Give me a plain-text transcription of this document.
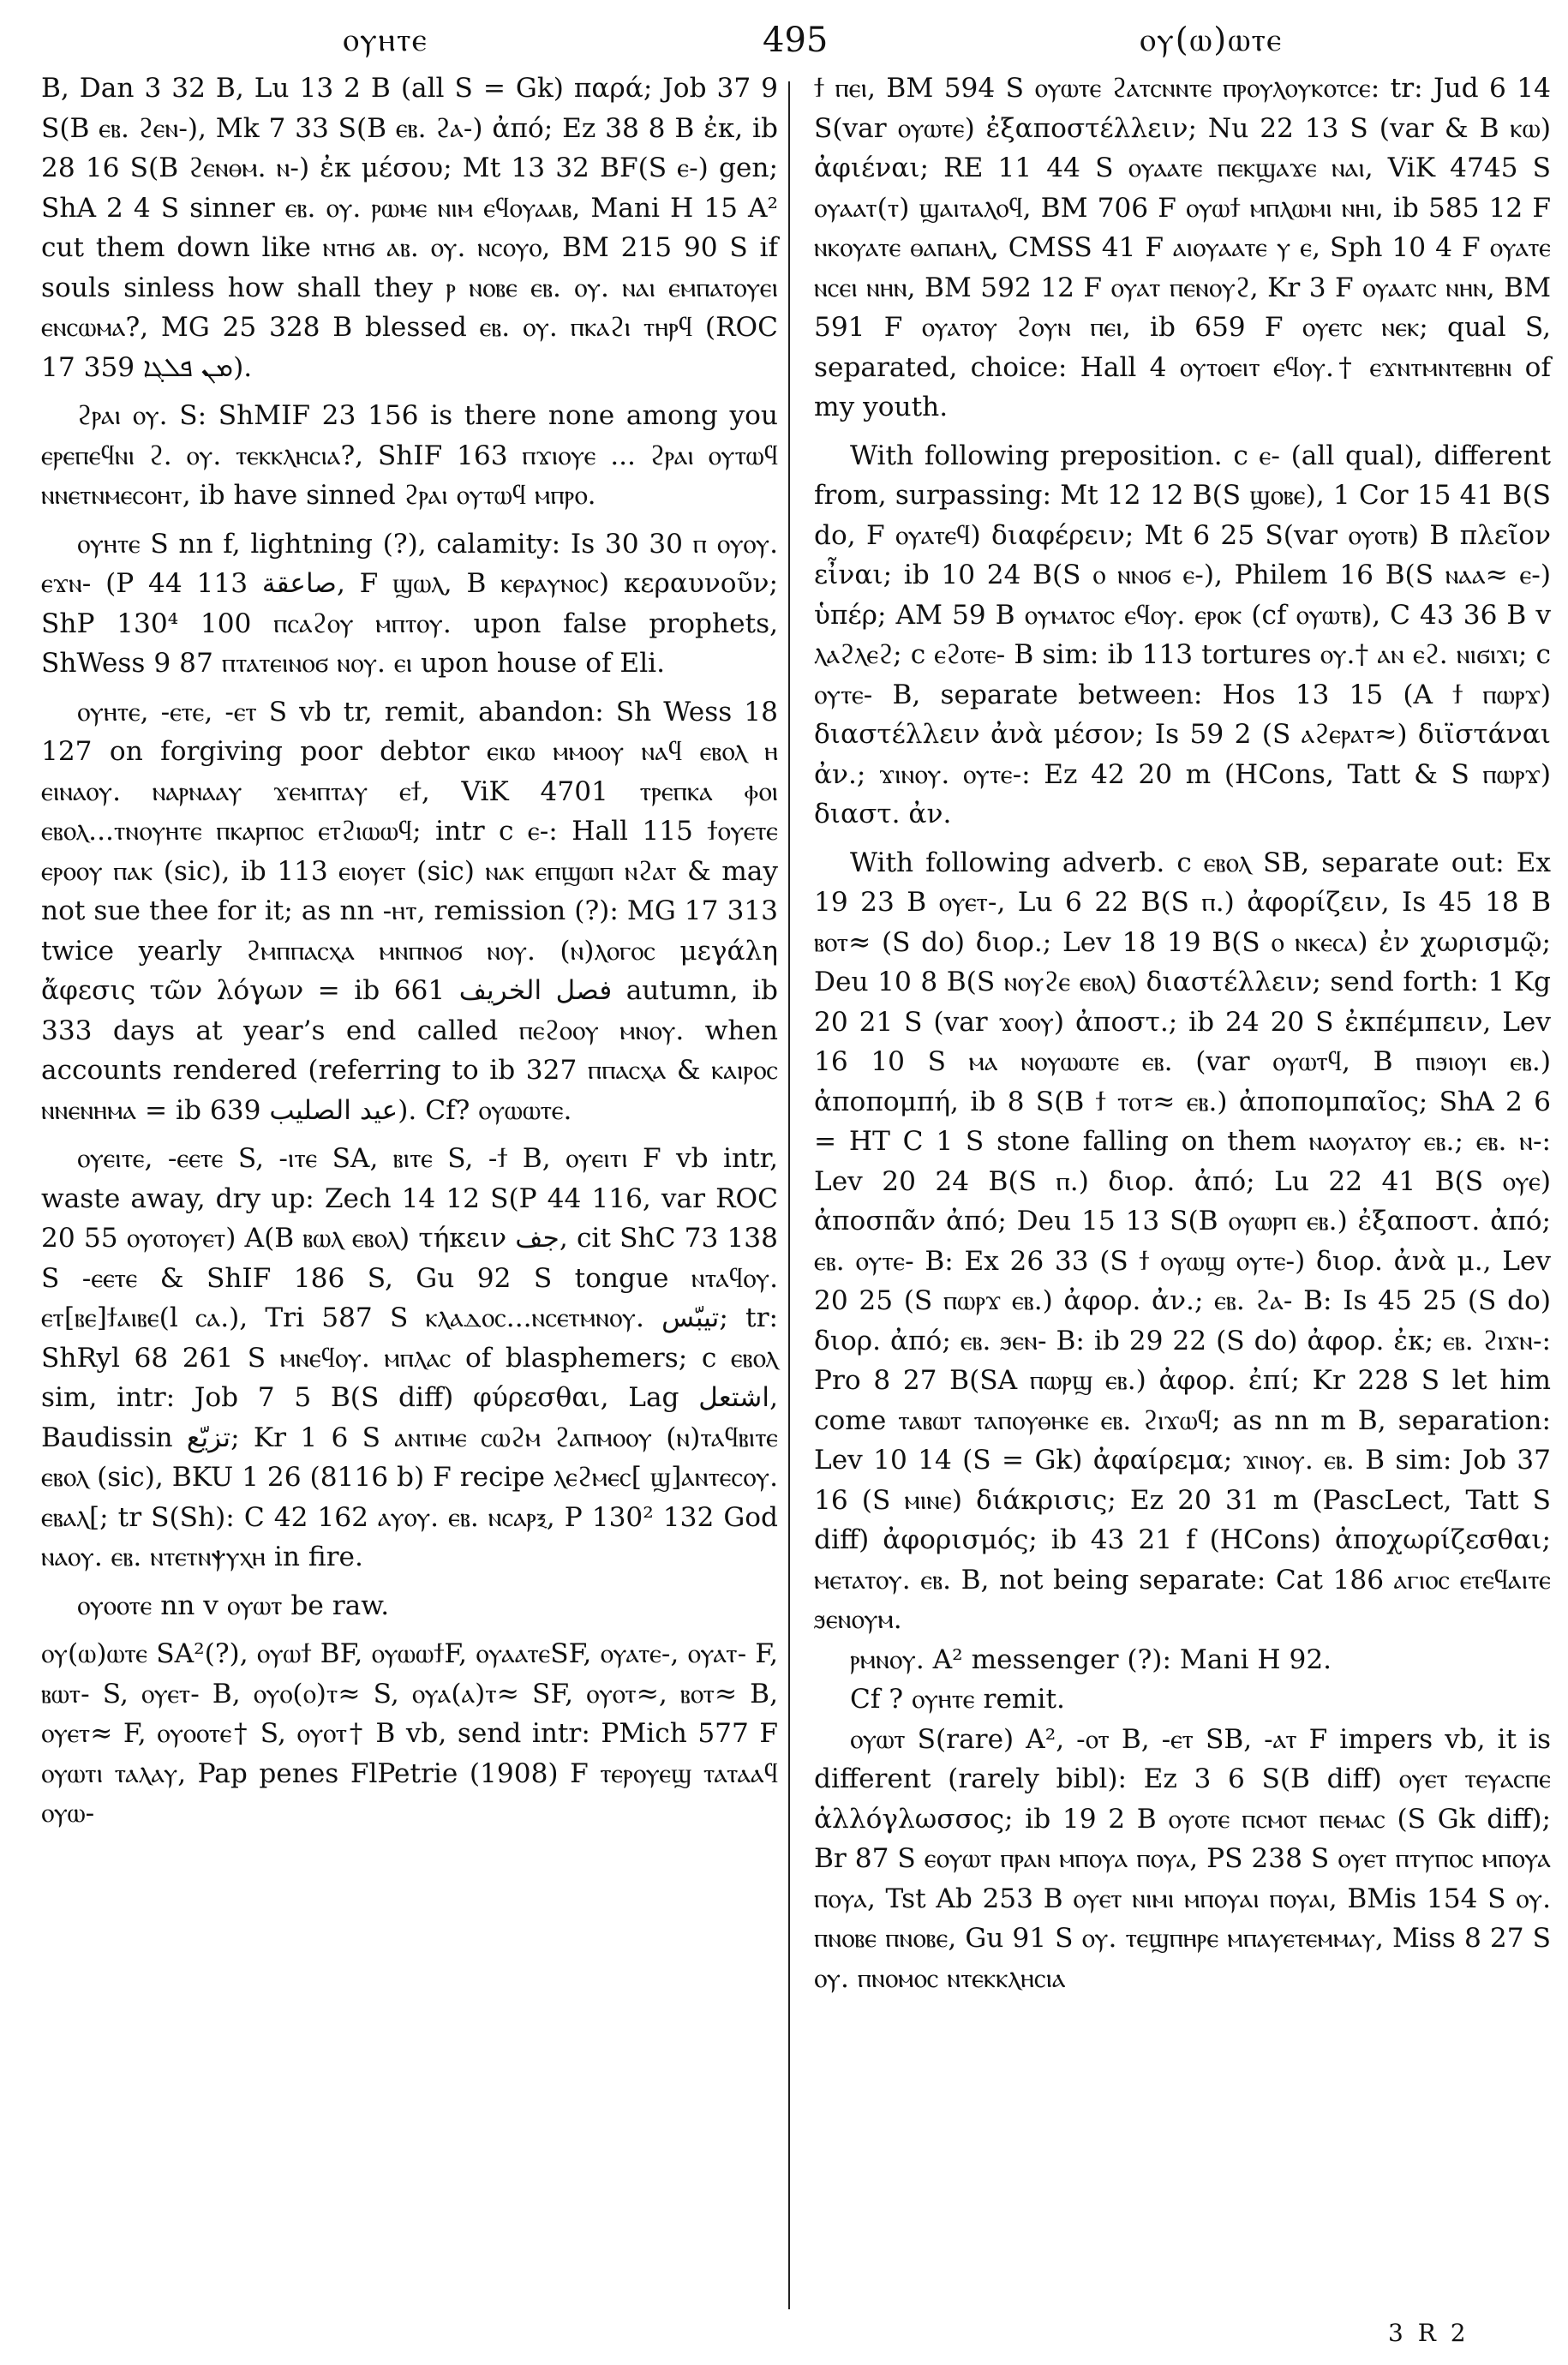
ⲟⲩⲏⲧⲉ	495	ⲟⲩ(ⲱ)ⲱⲧⲉ

B, Dan 3 32 B, Lu 13 2 B (all S = Gk) παρά; Job 37 9 S(B ⲉⲃ. ϩⲉⲛ-), Mk 7 33 S(B ⲉⲃ. ϩⲁ-) ἀπό; Ez 38 8 B ἐκ, ib 28 16 S(B ϩⲉⲛⲑⲙ. ⲛ-) ἐκ μέσου; Mt 13 32 BF(S ⲉ-) gen; ShA 2 4 S sinner ⲉⲃ. ⲟⲩ. ⲣⲱⲙⲉ ⲛⲓⲙ ⲉϥⲟⲩⲁⲁⲃ, Mani H 15 A² cut them down like ⲛⲧⲏϭ ⲁⲃ. ⲟⲩ. ⲛⲥⲟⲩⲟ, BM 215 90 S if souls sinless how shall they ⲣ ⲛⲟⲃⲉ ⲉⲃ. ⲟⲩ. ⲛⲁⲓ ⲉⲙⲡⲁⲧⲟⲩⲉⲓ ⲉⲛⲥⲱⲙⲁ?, MG 25 328 B blessed ⲉⲃ. ⲟⲩ. ⲡⲕⲁϩⲓ ⲧⲏⲣϥ (ROC 17 359 ܡܢ ܦܠܓܐ).

ϩⲣⲁⲓ ⲟⲩ. S: ShMIF 23 156 is there none among you ⲉⲣⲉⲡⲉϥⲛⲓ ϩ. ⲟⲩ. ⲧⲉⲕⲕⲗⲏⲥⲓⲁ?, ShIF 163 ⲡϫⲓⲟⲩⲉ ... ϩⲣⲁⲓ ⲟⲩⲧⲱϥ ⲛⲛⲉⲧⲛⲙⲉⲥⲟⲏⲧ, ib have sinned ϩⲣⲁⲓ ⲟⲩⲧⲱϥ ⲙⲡⲣⲟ.

ⲟⲩⲏⲧⲉ S nn f, lightning (?), calamity: Is 30 30 ⲡ ⲟⲩⲟⲩ. ⲉϫⲛ- (P 44 113 صاعقة, F ϣⲱⲗ, B ⲕⲉⲣⲁⲩⲛⲟⲥ) κεραυνοῦν; ShP 130⁴ 100 ⲡⲥⲁϩⲟⲩ ⲙⲡⲧⲟⲩ. upon false prophets, ShWess 9 87 ⲡⲧⲁⲧⲉⲓⲛⲟϭ ⲛⲟⲩ. ⲉⲓ upon house of Eli.

ⲟⲩⲏⲧⲉ, -ⲉⲧⲉ, -ⲉⲧ S vb tr, remit, abandon: Sh Wess 18 127 on forgiving poor debtor ⲉⲓⲕⲱ ⲙⲙⲟⲟⲩ ⲛⲁϥ ⲉⲃⲟⲗ ⲏ ⲉⲓⲛⲁⲟⲩ. ⲛⲁⲣⲛⲁⲁⲩ ϫⲉⲙⲡⲧⲁⲩ ⲉϯ, ViK 4701 ⲧⲣⲉⲡⲕⲁ ⲫⲟⲓ ⲉⲃⲟⲗ...ⲧⲛⲟⲩⲏⲧⲉ ⲡⲕⲁⲣⲡⲟⲥ ⲉⲧϩⲓⲱⲱϥ; intr c ⲉ-: Hall 115 ϯⲟⲩⲉⲧⲉ ⲉⲣⲟⲟⲩ ⲡⲁⲕ (sic), ib 113 ⲉⲓⲟⲩⲉⲧ (sic) ⲛⲁⲕ ⲉⲡϣⲱⲡ ⲛϩⲁⲧ & may not sue thee for it; as nn -ⲏⲧ, remission (?): MG 17 313 twice yearly ϩⲙⲡⲡⲁⲥⲭⲁ ⲙⲛⲡⲛⲟϭ ⲛⲟⲩ. (ⲛ)ⲗⲟⲅⲟⲥ μεγάλη ἄφεσις τῶν λόγων = ib 661 فصل الخريف autumn, ib 333 days at year’s end called ⲡⲉϩⲟⲟⲩ ⲙⲛⲟⲩ. when accounts rendered (referring to ib 327 ⲡⲡⲁⲥⲭⲁ & ⲕⲁⲓⲣⲟⲥ ⲛⲛⲉⲛⲏⲙⲁ = ib 639 عيد الصليب). Cf? ⲟⲩⲱⲱⲧⲉ.

ⲟⲩⲉⲓⲧⲉ, -ⲉⲉⲧⲉ S, -ⲓⲧⲉ SA, ⲃⲓⲧⲉ S, -ϯ B, ⲟⲩⲉⲓⲧⲓ F vb intr, waste away, dry up: Zech 14 12 S(P 44 116, var ROC 20 55 ⲟⲩⲟⲧⲟⲩⲉⲧ) A(B ⲃⲱⲗ ⲉⲃⲟⲗ) τήκειν جف, cit ShC 73 138 S -ⲉⲉⲧⲉ & ShIF 186 S, Gu 92 S tongue ⲛⲧⲁϥⲟⲩ. ⲉⲧ[ⲃⲉ]ϯⲁⲓⲃⲉ(l ⲥⲁ.), Tri 587 S ⲕⲗⲁⲇⲟⲥ...ⲛⲥⲉⲧⲙⲛⲟⲩ. تيبّس; tr: ShRyl 68 261 S ⲙⲛⲉϥⲟⲩ. ⲙⲡⲗⲁⲥ of blasphemers; c ⲉⲃⲟⲗ sim, intr: Job 7 5 B(S diff) φύρεσθαι, Lag اشتعل, Baudissin تزيّع; Kr 1 6 S ⲁⲛⲧⲓⲙⲉ ⲥⲱϩⲙ ϩⲁⲡⲙⲟⲟⲩ (ⲛ)ⲧⲁϥⲃⲓⲧⲉ ⲉⲃⲟⲗ (sic), BKU 1 26 (8116 b) F recipe ⲗⲉϩⲙⲉⲥ[ ϣ]ⲁⲛⲧⲉⲥⲟⲩ. ⲉⲃⲁⲗ[; tr S(Sh): C 42 162 ⲁⲩⲟⲩ. ⲉⲃ. ⲛⲥⲁⲣⲝ, P 130² 132 God ⲛⲁⲟⲩ. ⲉⲃ. ⲛⲧⲉⲧⲛⲯⲩⲭⲏ in fire.

ⲟⲩⲟⲟⲧⲉ nn v ⲟⲩⲱⲧ be raw.

ⲟⲩ(ⲱ)ⲱⲧⲉ SA²(?), ⲟⲩⲱϯ BF, ⲟⲩⲱⲱϯF, ⲟⲩⲁⲁⲧⲉSF, ⲟⲩⲁⲧⲉ-, ⲟⲩⲁⲧ- F, ⲃⲱⲧ- S, ⲟⲩⲉⲧ- B, ⲟⲩⲟ(ⲟ)ⲧ≈ S, ⲟⲩⲁ(ⲁ)ⲧ≈ SF, ⲟⲩⲟⲧ≈, ⲃⲟⲧ≈ B, ⲟⲩⲉⲧ≈ F, ⲟⲩⲟⲟⲧⲉ† S, ⲟⲩⲟⲧ† B vb, send intr: PMich 577 F ⲟⲩⲱⲧⲓ ⲧⲁⲗⲁⲩ, Pap penes FlPetrie (1908) F ⲧⲉⲣⲟⲩⲉϣ ⲧⲁⲧⲁⲁϥ ⲟⲩⲱ-

ϯ ⲡⲉⲓ, BM 594 S ⲟⲩⲱⲧⲉ ϩⲁⲧⲥⲛⲛⲧⲉ ⲡⲣⲟⲩⲗⲟⲩⲕⲟⲧⲥⲉ: tr: Jud 6 14 S(var ⲟⲩⲱⲧⲉ) ἐξαποστέλλειν; Nu 22 13 S (var & B ⲕⲱ) ἀφιέναι; RE 11 44 S ⲟⲩⲁⲁⲧⲉ ⲡⲉⲕϣⲁϫⲉ ⲛⲁⲓ, ViK 4745 S ⲟⲩⲁⲁⲧ(ⲧ) ϣⲁⲓⲧⲁⲗⲟϥ, BM 706 F ⲟⲩⲱϯ ⲙⲡⲗⲱⲙⲓ ⲛⲏⲓ, ib 585 12 F ⲛⲕⲟⲩⲁⲧⲉ ⲑⲁⲡⲁⲏⲗ, CMSS 41 F ⲁⲓⲟⲩⲁⲁⲧⲉ ⲩ ⲉ, Sph 10 4 F ⲟⲩⲁⲧⲉ ⲛⲥⲉⲓ ⲛⲏⲛ, BM 592 12 F ⲟⲩⲁⲧ ⲡⲉⲛⲟⲩϩ, Kr 3 F ⲟⲩⲁⲁⲧⲥ ⲛⲏⲛ, BM 591 F ⲟⲩⲁⲧⲟⲩ ϩⲟⲩⲛ ⲡⲉⲓ, ib 659 F ⲟⲩⲉⲧⲥ ⲛⲉⲕ; qual S, separated, choice: Hall 4 ⲟⲩⲧⲟⲉⲓⲧ ⲉϥⲟⲩ.† ⲉϫⲛⲧⲙⲛⲧⲉⲃⲏⲛ of my youth.

With following preposition. c ⲉ- (all qual), different from, surpassing: Mt 12 12 B(S ϣⲟⲃⲉ), 1 Cor 15 41 B(S do, F ⲟⲩⲁⲧⲉϥ) διαφέρειν; Mt 6 25 S(var ⲟⲩⲟⲧⲃ) B πλεῖον εἶναι; ib 10 24 B(S ⲟ ⲛⲛⲟϭ ⲉ-), Philem 16 B(S ⲛⲁⲁ≈ ⲉ-) ὑπέρ; AM 59 B ⲟⲩⲙⲁⲧⲟⲥ ⲉϥⲟⲩ. ⲉⲣⲟⲕ (cf ⲟⲩⲱⲧⲃ), C 43 36 B v ⲗⲁϩⲗⲉϩ; c ⲉϩⲟⲧⲉ- B sim: ib 113 tortures ⲟⲩ.† ⲁⲛ ⲉϩ. ⲛⲓϭⲓϫⲓ; c ⲟⲩⲧⲉ- B, separate between: Hos 13 15 (A ϯ ⲡⲱⲣϫ) διαστέλλειν ἀνὰ μέσον; Is 59 2 (S ⲁϩⲉⲣⲁⲧ≈) διϊστάναι ἀν.; ϫⲓⲛⲟⲩ. ⲟⲩⲧⲉ-: Ez 42 20 m (HCons, Tatt & S ⲡⲱⲣϫ) διαστ. ἀν.

With following adverb. c ⲉⲃⲟⲗ SB, separate out: Ex 19 23 B ⲟⲩⲉⲧ-, Lu 6 22 B(S ⲡ.) ἀφορίζειν, Is 45 18 B ⲃⲟⲧ≈ (S do) διορ.; Lev 18 19 B(S ⲟ ⲛⲕⲉⲥⲁ) ἐν χωρισμῷ; Deu 10 8 B(S ⲛⲟⲩϩⲉ ⲉⲃⲟⲗ) διαστέλλειν; send forth: 1 Kg 20 21 S (var ϫⲟⲟⲩ) ἀποστ.; ib 24 20 S ἐκπέμπειν, Lev 16 10 S ⲙⲁ ⲛⲟⲩⲱⲱⲧⲉ ⲉⲃ. (var ⲟⲩⲱⲧϥ, B ⲡⲓϧⲓⲟⲩⲓ ⲉⲃ.) ἀποπομπή, ib 8 S(B ϯ ⲧⲟⲧ≈ ⲉⲃ.) ἀποπομπαῖος; ShA 2 6 = HT C 1 S stone falling on them ⲛⲁⲟⲩⲁⲧⲟⲩ ⲉⲃ.; ⲉⲃ. ⲛ-: Lev 20 24 B(S ⲡ.) διορ. ἀπό; Lu 22 41 B(S ⲟⲩⲉ) ἀποσπᾶν ἀπό; Deu 15 13 S(B ⲟⲩⲱⲣⲡ ⲉⲃ.) ἐξαποστ. ἀπό; ⲉⲃ. ⲟⲩⲧⲉ- B: Ex 26 33 (S ϯ ⲟⲩⲱϣ ⲟⲩⲧⲉ-) διορ. ἀνὰ μ., Lev 20 25 (S ⲡⲱⲣϫ ⲉⲃ.) ἀφορ. ἀν.; ⲉⲃ. ϩⲁ- B: Is 45 25 (S do) διορ. ἀπό; ⲉⲃ. ϧⲉⲛ- B: ib 29 22 (S do) ἀφορ. ἐκ; ⲉⲃ. ϩⲓϫⲛ-: Pro 8 27 B(SA ⲡⲱⲣϣ ⲉⲃ.) ἀφορ. ἐπί; Kr 228 S let him come ⲧⲁⲃⲱⲧ ⲧⲁⲡⲟⲩⲑⲏⲕⲉ ⲉⲃ. ϩⲓϫⲱϥ; as nn m B, separation: Lev 10 14 (S = Gk) ἀφαίρεμα; ϫⲓⲛⲟⲩ. ⲉⲃ. B sim: Job 37 16 (S ⲙⲓⲛⲉ) διάκρισις; Ez 20 31 m (PascLect, Tatt S diff) ἀφορισμός; ib 43 21 f (HCons) ἀποχωρίζεσθαι; ⲙⲉⲧⲁⲧⲟⲩ. ⲉⲃ. B, not being separate: Cat 186 ⲁⲅⲓⲟⲥ ⲉⲧⲉϥⲁⲓⲧⲉ ϧⲉⲛⲟⲩⲙ.

ⲣⲙⲛⲟⲩ. A² messenger (?): Mani H 92.

Cf ? ⲟⲩⲏⲧⲉ remit.

ⲟⲩⲱⲧ S(rare) A², -ⲟⲧ B, -ⲉⲧ SB, -ⲁⲧ F impers vb, it is different (rarely bibl): Ez 3 6 S(B diff) ⲟⲩⲉⲧ ⲧⲉⲩⲁⲥⲡⲉ ἀλλόγλωσσος; ib 19 2 B ⲟⲩⲟⲧⲉ ⲡⲥⲙⲟⲧ ⲡⲉⲙⲁⲥ (S Gk diff); Br 87 S ⲉⲟⲩⲱⲧ ⲡⲣⲁⲛ ⲙⲡⲟⲩⲁ ⲡⲟⲩⲁ, PS 238 S ⲟⲩⲉⲧ ⲡⲧⲩⲡⲟⲥ ⲙⲡⲟⲩⲁ ⲡⲟⲩⲁ, Tst Ab 253 B ⲟⲩⲉⲧ ⲛⲓⲙⲓ ⲙⲡⲟⲩⲁⲓ ⲡⲟⲩⲁⲓ, BMis 154 S ⲟⲩ. ⲡⲛⲟⲃⲉ ⲡⲛⲟⲃⲉ, Gu 91 S ⲟⲩ. ⲧⲉϣⲡⲏⲣⲉ ⲙⲡⲁⲩⲉⲧⲉⲙⲙⲁⲩ, Miss 8 27 S ⲟⲩ. ⲡⲛⲟⲙⲟⲥ ⲛⲧⲉⲕⲕⲗⲏⲥⲓⲁ

3 R 2
